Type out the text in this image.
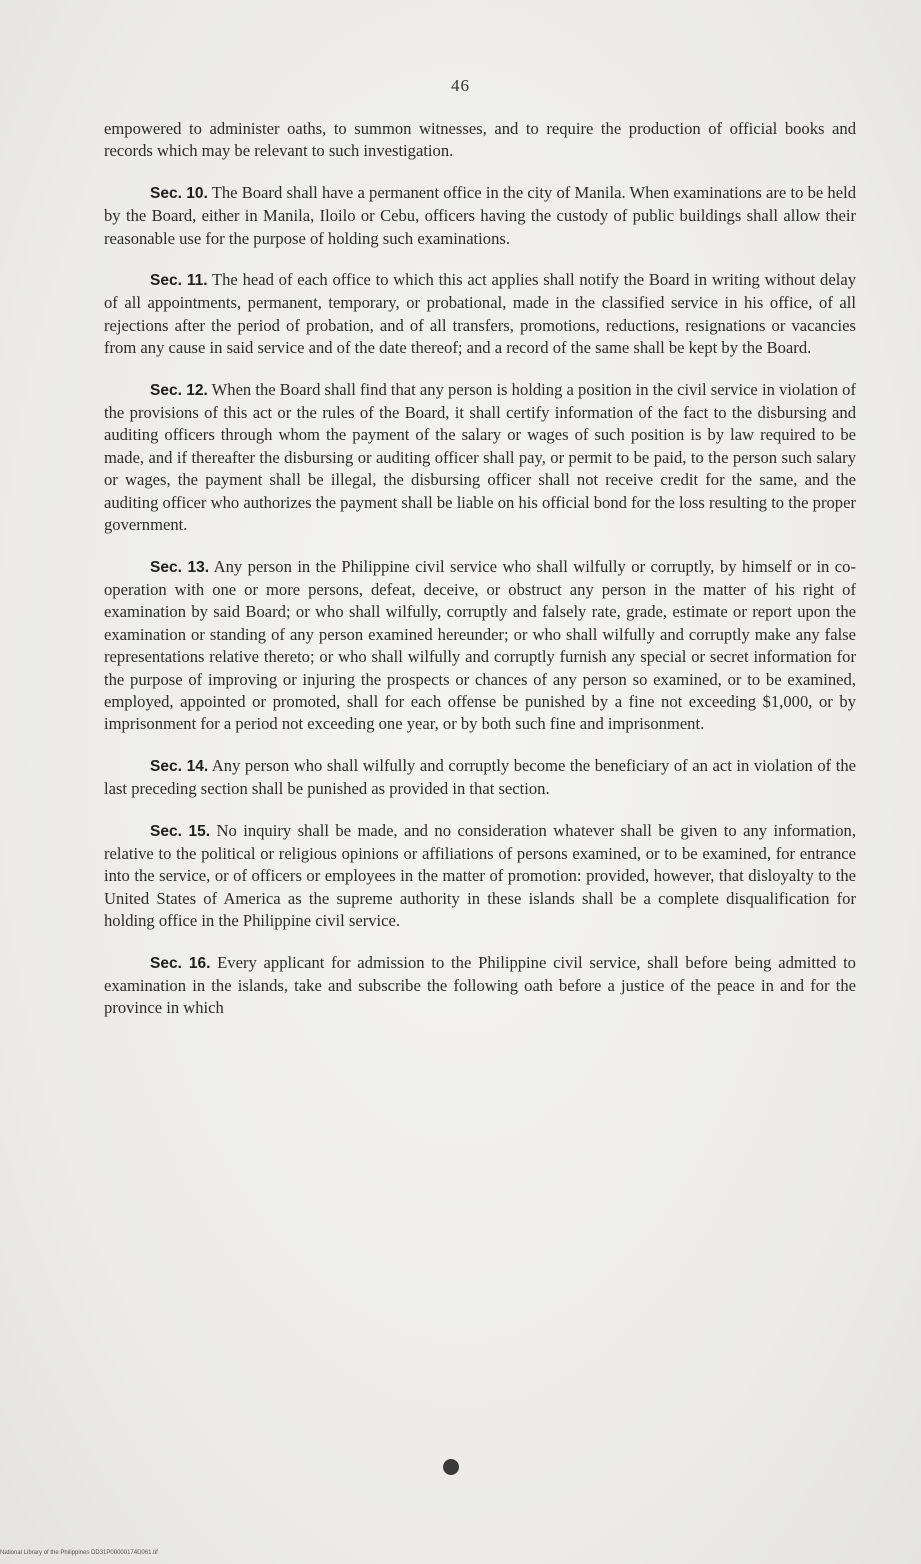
46

empowered to administer oaths, to summon witnesses, and to require the production of official books and records which may be relevant to such investigation.

Sec. 10. The Board shall have a permanent office in the city of Manila. When examinations are to be held by the Board, either in Manila, Iloilo or Cebu, officers having the custody of public buildings shall allow their reasonable use for the purpose of holding such examinations.

Sec. 11. The head of each office to which this act applies shall notify the Board in writing without delay of all appointments, permanent, temporary, or probational, made in the classified service in his office, of all rejections after the period of probation, and of all transfers, promotions, reductions, resignations or vacancies from any cause in said service and of the date thereof; and a record of the same shall be kept by the Board.

Sec. 12. When the Board shall find that any person is holding a position in the civil service in violation of the provisions of this act or the rules of the Board, it shall certify information of the fact to the disbursing and auditing officers through whom the payment of the salary or wages of such position is by law required to be made, and if thereafter the disbursing or auditing officer shall pay, or permit to be paid, to the person such salary or wages, the payment shall be illegal, the disbursing officer shall not receive credit for the same, and the auditing officer who authorizes the payment shall be liable on his official bond for the loss resulting to the proper government.

Sec. 13. Any person in the Philippine civil service who shall wilfully or corruptly, by himself or in co-operation with one or more persons, defeat, deceive, or obstruct any person in the matter of his right of examination by said Board; or who shall wilfully, corruptly and falsely rate, grade, estimate or report upon the examination or standing of any person examined hereunder; or who shall wilfully and corruptly make any false representations relative thereto; or who shall wilfully and corruptly furnish any special or secret information for the purpose of improving or injuring the prospects or chances of any person so examined, or to be examined, employed, appointed or promoted, shall for each offense be punished by a fine not exceeding $1,000, or by imprisonment for a period not exceeding one year, or by both such fine and imprisonment.

Sec. 14. Any person who shall wilfully and corruptly become the beneficiary of an act in violation of the last preceding section shall be punished as provided in that section.

Sec. 15. No inquiry shall be made, and no consideration whatever shall be given to any information, relative to the political or religious opinions or affiliations of persons examined, or to be examined, for entrance into the service, or of officers or employees in the matter of promotion: provided, however, that disloyalty to the United States of America as the supreme authority in these islands shall be a complete disqualification for holding office in the Philippine civil service.

Sec. 16. Every applicant for admission to the Philippine civil service, shall before being admitted to examination in the islands, take and subscribe the following oath before a justice of the peace in and for the province in which

National Library of the Philippines DD31P00000174D061.tif
